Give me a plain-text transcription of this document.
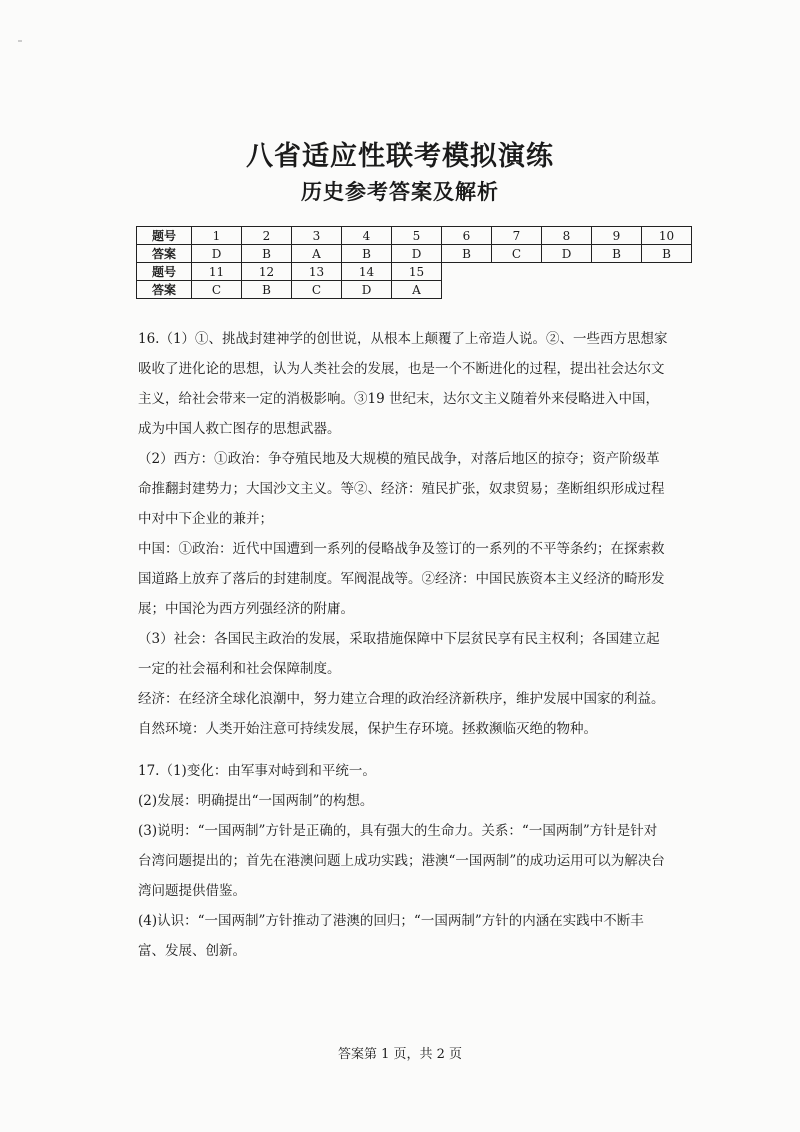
八省适应性联考模拟演练
历史参考答案及解析
题号	1	2	3	4	5	6	7	8	9	10
答案	D	B	A	B	D	B	C	D	B	B
题号	11	12	13	14	15					
答案	C	B	C	D	A					

16.（1）①、挑战封建神学的创世说，从根本上颠覆了上帝造人说。②、一些西方思想家吸收了进化论的思想，认为人类社会的发展，也是一个不断进化的过程，提出社会达尔文主义，给社会带来一定的消极影响。③19 世纪末，达尔文主义随着外来侵略进入中国，成为中国人救亡图存的思想武器。

（2）西方：①政治：争夺殖民地及大规模的殖民战争，对落后地区的掠夺；资产阶级革命推翻封建势力；大国沙文主义。等②、经济：殖民扩张，奴隶贸易；垄断组织形成过程中对中下企业的兼并；

中国：①政治：近代中国遭到一系列的侵略战争及签订的一系列的不平等条约；在探索救国道路上放弃了落后的封建制度。军阀混战等。②经济：中国民族资本主义经济的畸形发展；中国沦为西方列强经济的附庸。

（3）社会：各国民主政治的发展，采取措施保障中下层贫民享有民主权利；各国建立起一定的社会福利和社会保障制度。

经济：在经济全球化浪潮中，努力建立合理的政治经济新秩序，维护发展中国家的利益。

自然环境：人类开始注意可持续发展，保护生存环境。拯救濒临灭绝的物种。

17.（1)变化：由军事对峙到和平统一。

(2)发展：明确提出“一国两制”的构想。

(3)说明：“一国两制”方针是正确的，具有强大的生命力。关系：“一国两制”方针是针对台湾问题提出的；首先在港澳问题上成功实践；港澳“一国两制”的成功运用可以为解决台湾问题提供借鉴。

(4)认识：“一国两制”方针推动了港澳的回归；“一国两制”方针的内涵在实践中不断丰富、发展、创新。

答案第 1 页，共 2 页
